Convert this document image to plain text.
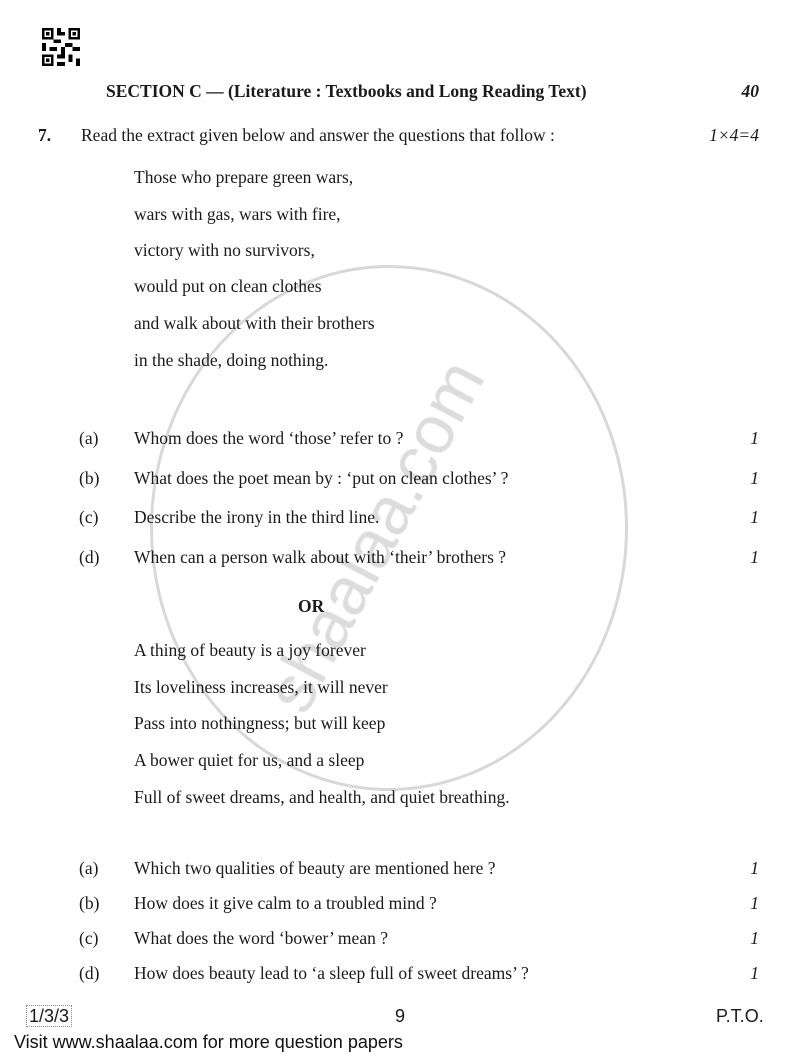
SECTION C — (Literature : Textbooks and Long Reading Text)	40
7. Read the extract given below and answer the questions that follow :	1×4=4
Those who prepare green wars,
wars with gas, wars with fire,
victory with no survivors,
would put on clean clothes
and walk about with their brothers
in the shade, doing nothing.
(a) Whom does the word ‘those’ refer to ?	1
(b) What does the poet mean by : ‘put on clean clothes’ ?	1
(c) Describe the irony in the third line.	1
(d) When can a person walk about with ‘their’ brothers ?	1
OR
A thing of beauty is a joy forever
Its loveliness increases, it will never
Pass into nothingness; but will keep
A bower quiet for us, and a sleep
Full of sweet dreams, and health, and quiet breathing.
(a) Which two qualities of beauty are mentioned here ?	1
(b) How does it give calm to a troubled mind ?	1
(c) What does the word ‘bower’ mean ?	1
(d) How does beauty lead to ‘a sleep full of sweet dreams’ ?	1
1/3/3	9	P.T.O.
Visit www.shaalaa.com for more question papers
